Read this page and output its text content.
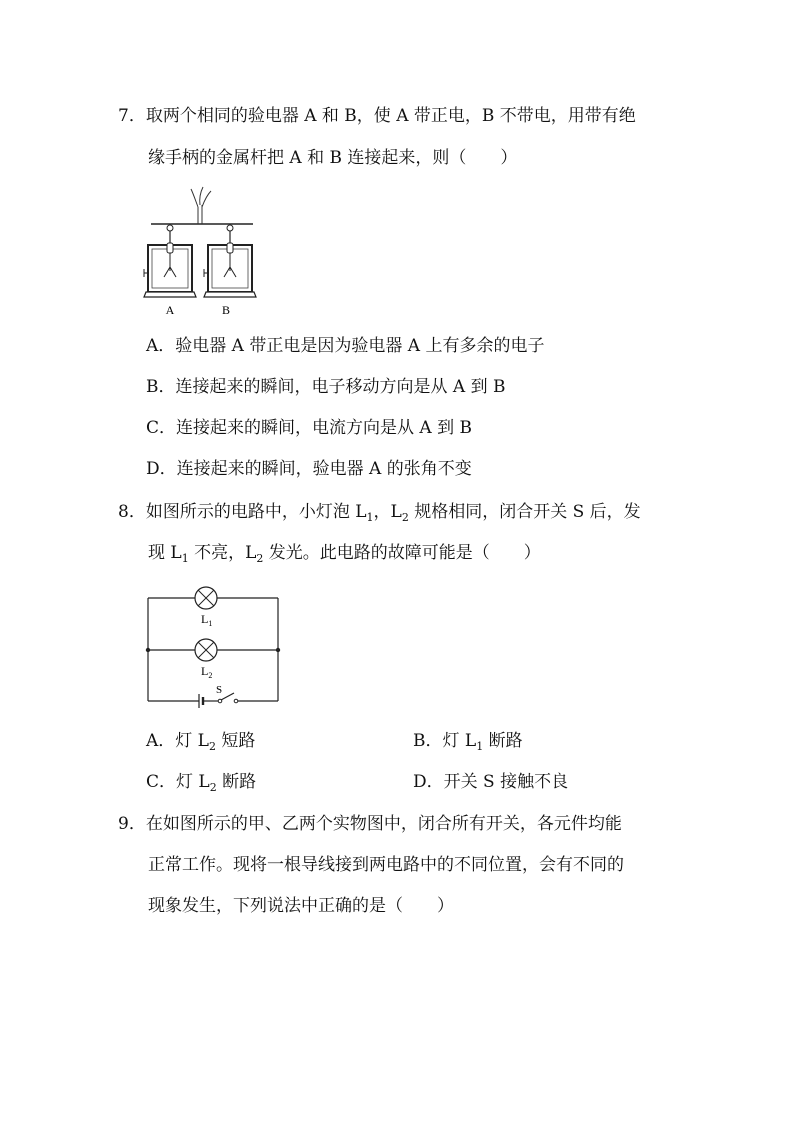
7．取两个相同的验电器 A 和 B，使 A 带正电，B 不带电，用带有绝
缘手柄的金属杆把 A 和 B 连接起来，则（　　）
A	B
A．验电器 A 带正电是因为验电器 A 上有多余的电子
B．连接起来的瞬间，电子移动方向是从 A 到 B
C．连接起来的瞬间，电流方向是从 A 到 B
D．连接起来的瞬间，验电器 A 的张角不变
8．如图所示的电路中，小灯泡 $L_1$，$L_2$ 规格相同，闭合开关 S 后，发
现 $L_1$ 不亮，$L_2$ 发光。此电路的故障可能是（　　）
$L_1$
$L_2$
S
A．灯 $L_2$ 短路	B．灯 $L_1$ 断路
C．灯 $L_2$ 断路	D．开关 S 接触不良
9．在如图所示的甲、乙两个实物图中，闭合所有开关，各元件均能
正常工作。现将一根导线接到两电路中的不同位置，会有不同的
现象发生，下列说法中正确的是（　　）
